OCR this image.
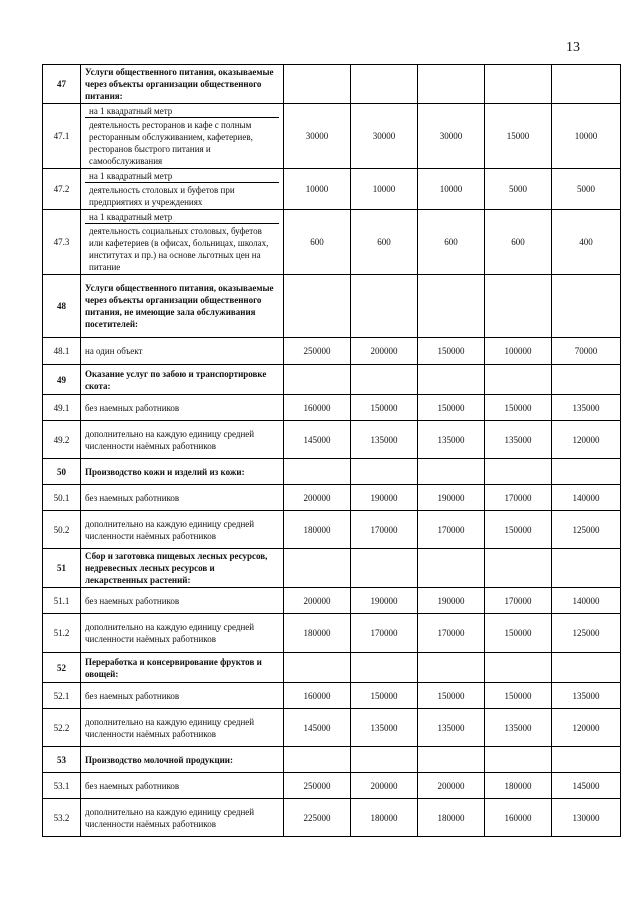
13
47	Услуги общественного питания, оказываемые через объекты организации общественного питания:					
47.1	на 1 квадратный метр
деятельность ресторанов и кафе с полным ресторанным обслуживанием, кафетериев, ресторанов быстрого питания и самообслуживания	30000	30000	30000	15000	10000
47.2	на 1 квадратный метр
деятельность столовых и буфетов при предприятиях и учреждениях	10000	10000	10000	5000	5000
47.3	на 1 квадратный метр
деятельность социальных столовых, буфетов или кафетериев (в офисах, больницах, школах, институтах и пр.) на основе льготных цен на питание	600	600	600	600	400
48	Услуги общественного питания, оказываемые через объекты организации общественного питания, не имеющие зала обслуживания посетителей:					
48.1	на один объект	250000	200000	150000	100000	70000
49	Оказание услуг по забою и транспортировке скота:					
49.1	без наемных работников	160000	150000	150000	150000	135000
49.2	дополнительно на каждую единицу средней численности наёмных работников	145000	135000	135000	135000	120000
50	Производство кожи и изделий из кожи:					
50.1	без наемных работников	200000	190000	190000	170000	140000
50.2	дополнительно на каждую единицу средней численности наёмных работников	180000	170000	170000	150000	125000
51	Сбор и заготовка пищевых лесных ресурсов, недревесных лесных ресурсов и лекарственных растений:					
51.1	без наемных работников	200000	190000	190000	170000	140000
51.2	дополнительно на каждую единицу средней численности наёмных работников	180000	170000	170000	150000	125000
52	Переработка и консервирование фруктов и овощей:					
52.1	без наемных работников	160000	150000	150000	150000	135000
52.2	дополнительно на каждую единицу средней численности наёмных работников	145000	135000	135000	135000	120000
53	Производство молочной продукции:					
53.1	без наемных работников	250000	200000	200000	180000	145000
53.2	дополнительно на каждую единицу средней численности наёмных работников	225000	180000	180000	160000	130000
